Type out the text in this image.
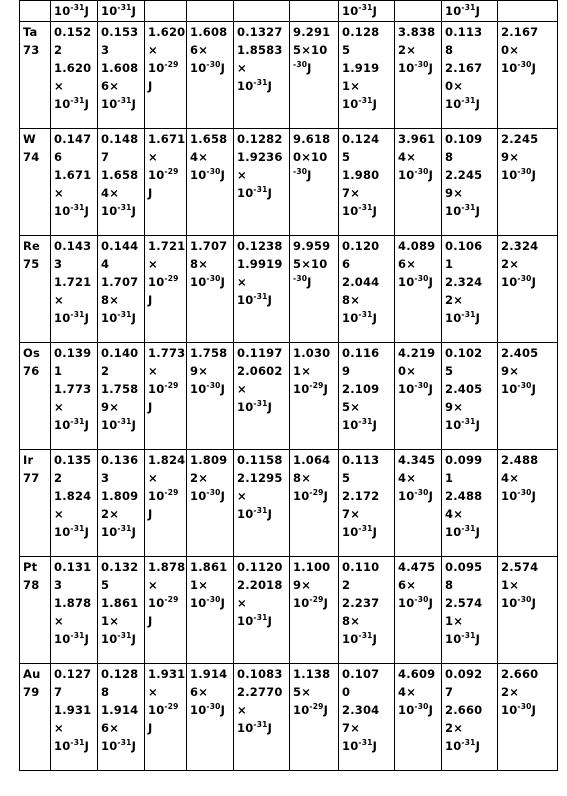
	$10^{-31}J$	$10^{-31}J$					$10^{-31}J$		$10^{-31}J$	

Ta
73	0.152
2
1.620
×
$10^{-31}J$	0.153
3
1.608
6×
$10^{-31}J$	1.620
×
$10^{-29}$
J	1.608
6×
$10^{-30}J$	0.1327
1.8583
×
$10^{-31}J$	9.291
5×10
$^{-30}$J	0.128
5
1.919
1×
$10^{-31}J$	3.838
2×
$10^{-30}J$	0.113
8
2.167
0×
$10^{-31}J$	2.167
0×
$10^{-30}J$

W
74	0.147
6
1.671
×
$10^{-31}J$	0.148
7
1.658
4×
$10^{-31}J$	1.671
×
$10^{-29}$
J	1.658
4×
$10^{-30}J$	0.1282
1.9236
×
$10^{-31}J$	9.618
0×10
$^{-30}$J	0.124
5
1.980
7×
$10^{-31}J$	3.961
4×
$10^{-30}J$	0.109
8
2.245
9×
$10^{-31}J$	2.245
9×
$10^{-30}J$

Re
75	0.143
3
1.721
×
$10^{-31}J$	0.144
4
1.707
8×
$10^{-31}J$	1.721
×
$10^{-29}$
J	1.707
8×
$10^{-30}J$	0.1238
1.9919
×
$10^{-31}J$	9.959
5×10
$^{-30}$J	0.120
6
2.044
8×
$10^{-31}J$	4.089
6×
$10^{-30}J$	0.106
1
2.324
2×
$10^{-31}J$	2.324
2×
$10^{-30}J$

Os
76	0.139
1
1.773
×
$10^{-31}J$	0.140
2
1.758
9×
$10^{-31}J$	1.773
×
$10^{-29}$
J	1.758
9×
$10^{-30}J$	0.1197
2.0602
×
$10^{-31}J$	1.030
1×
$10^{-29}J$	0.116
9
2.109
5×
$10^{-31}J$	4.219
0×
$10^{-30}J$	0.102
5
2.405
9×
$10^{-31}J$	2.405
9×
$10^{-30}J$

Ir
77	0.135
2
1.824
×
$10^{-31}J$	0.136
3
1.809
2×
$10^{-31}J$	1.824
×
$10^{-29}$
J	1.809
2×
$10^{-30}J$	0.1158
2.1295
×
$10^{-31}J$	1.064
8×
$10^{-29}J$	0.113
5
2.172
7×
$10^{-31}J$	4.345
4×
$10^{-30}J$	0.099
1
2.488
4×
$10^{-31}J$	2.488
4×
$10^{-30}J$

Pt
78	0.131
3
1.878
×
$10^{-31}J$	0.132
5
1.861
1×
$10^{-31}J$	1.878
×
$10^{-29}$
J	1.861
1×
$10^{-30}J$	0.1120
2.2018
×
$10^{-31}J$	1.100
9×
$10^{-29}J$	0.110
2
2.237
8×
$10^{-31}J$	4.475
6×
$10^{-30}J$	0.095
8
2.574
1×
$10^{-31}J$	2.574
1×
$10^{-30}J$

Au
79	0.127
7
1.931
×
$10^{-31}J$	0.128
8
1.914
6×
$10^{-31}J$	1.931
×
$10^{-29}$
J	1.914
6×
$10^{-30}J$	0.1083
2.2770
×
$10^{-31}J$	1.138
5×
$10^{-29}J$	0.107
0
2.304
7×
$10^{-31}J$	4.609
4×
$10^{-30}J$	0.092
7
2.660
2×
$10^{-31}J$	2.660
2×
$10^{-30}J$
